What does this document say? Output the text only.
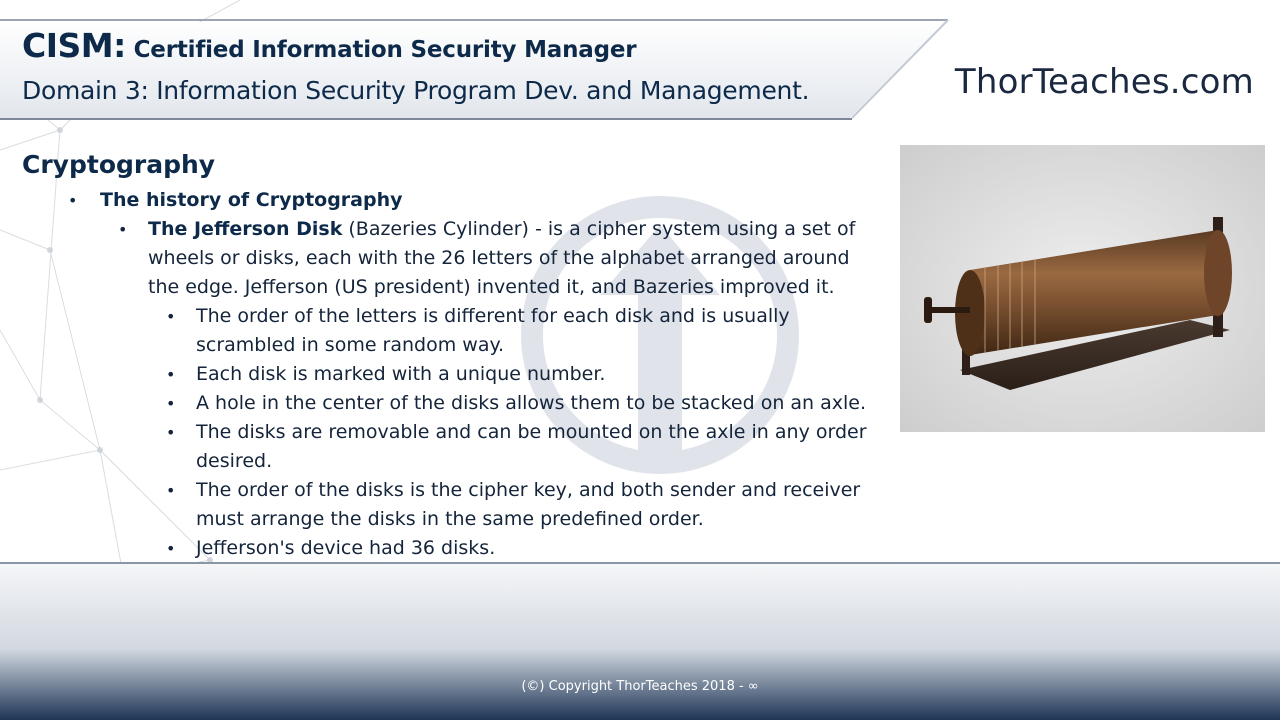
CISM: Certified Information Security Manager
Domain 3: Information Security Program Dev. and Management.	ThorTeaches.com
Cryptography
• The history of Cryptography
• The Jefferson Disk (Bazeries Cylinder) - is a cipher system using a set of wheels or disks, each with the 26 letters of the alphabet arranged around the edge. Jefferson (US president) invented it, and Bazeries improved it.
• The order of the letters is different for each disk and is usually scrambled in some random way.
• Each disk is marked with a unique number.
• A hole in the center of the disks allows them to be stacked on an axle.
• The disks are removable and can be mounted on the axle in any order desired.
• The order of the disks is the cipher key, and both sender and receiver must arrange the disks in the same predefined order.
• Jefferson's device had 36 disks.
(©) Copyright ThorTeaches 2018 - ∞
